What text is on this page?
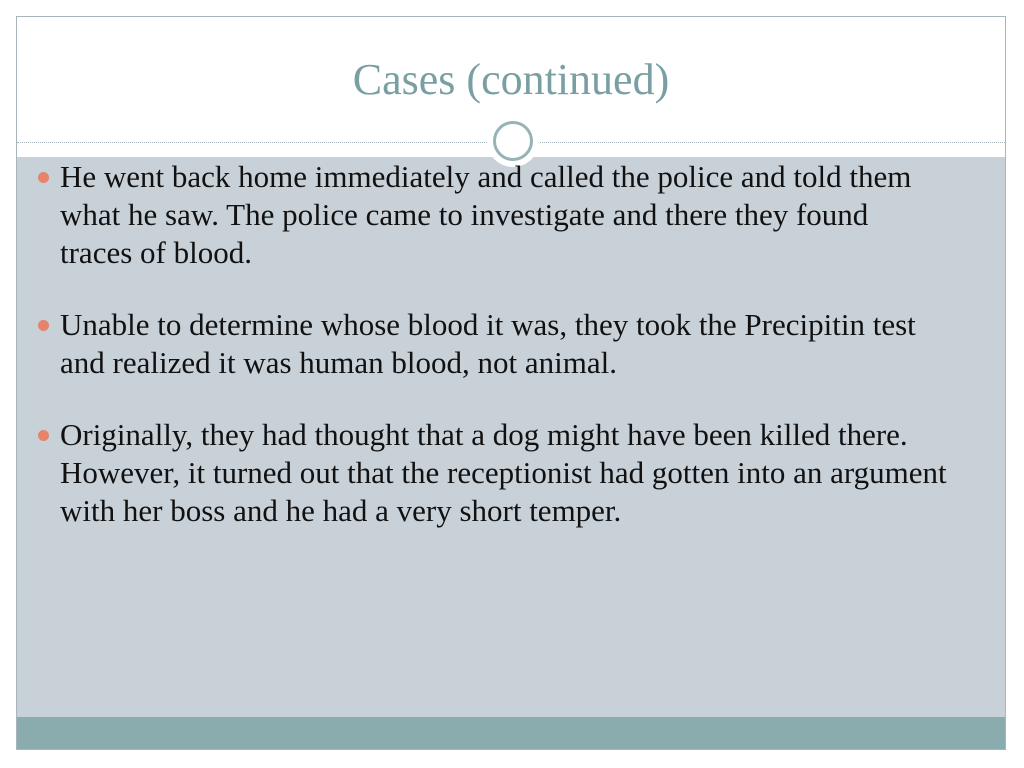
Cases (continued)
He went back home immediately and called the police and told them what he saw. The police came to investigate and there they found traces of blood.
Unable to determine whose blood it was, they took the Precipitin test and realized it was human blood, not animal.
Originally, they had thought that a dog might have been killed there. However, it turned out that the receptionist had gotten into an argument with her boss and he had a very short temper.
